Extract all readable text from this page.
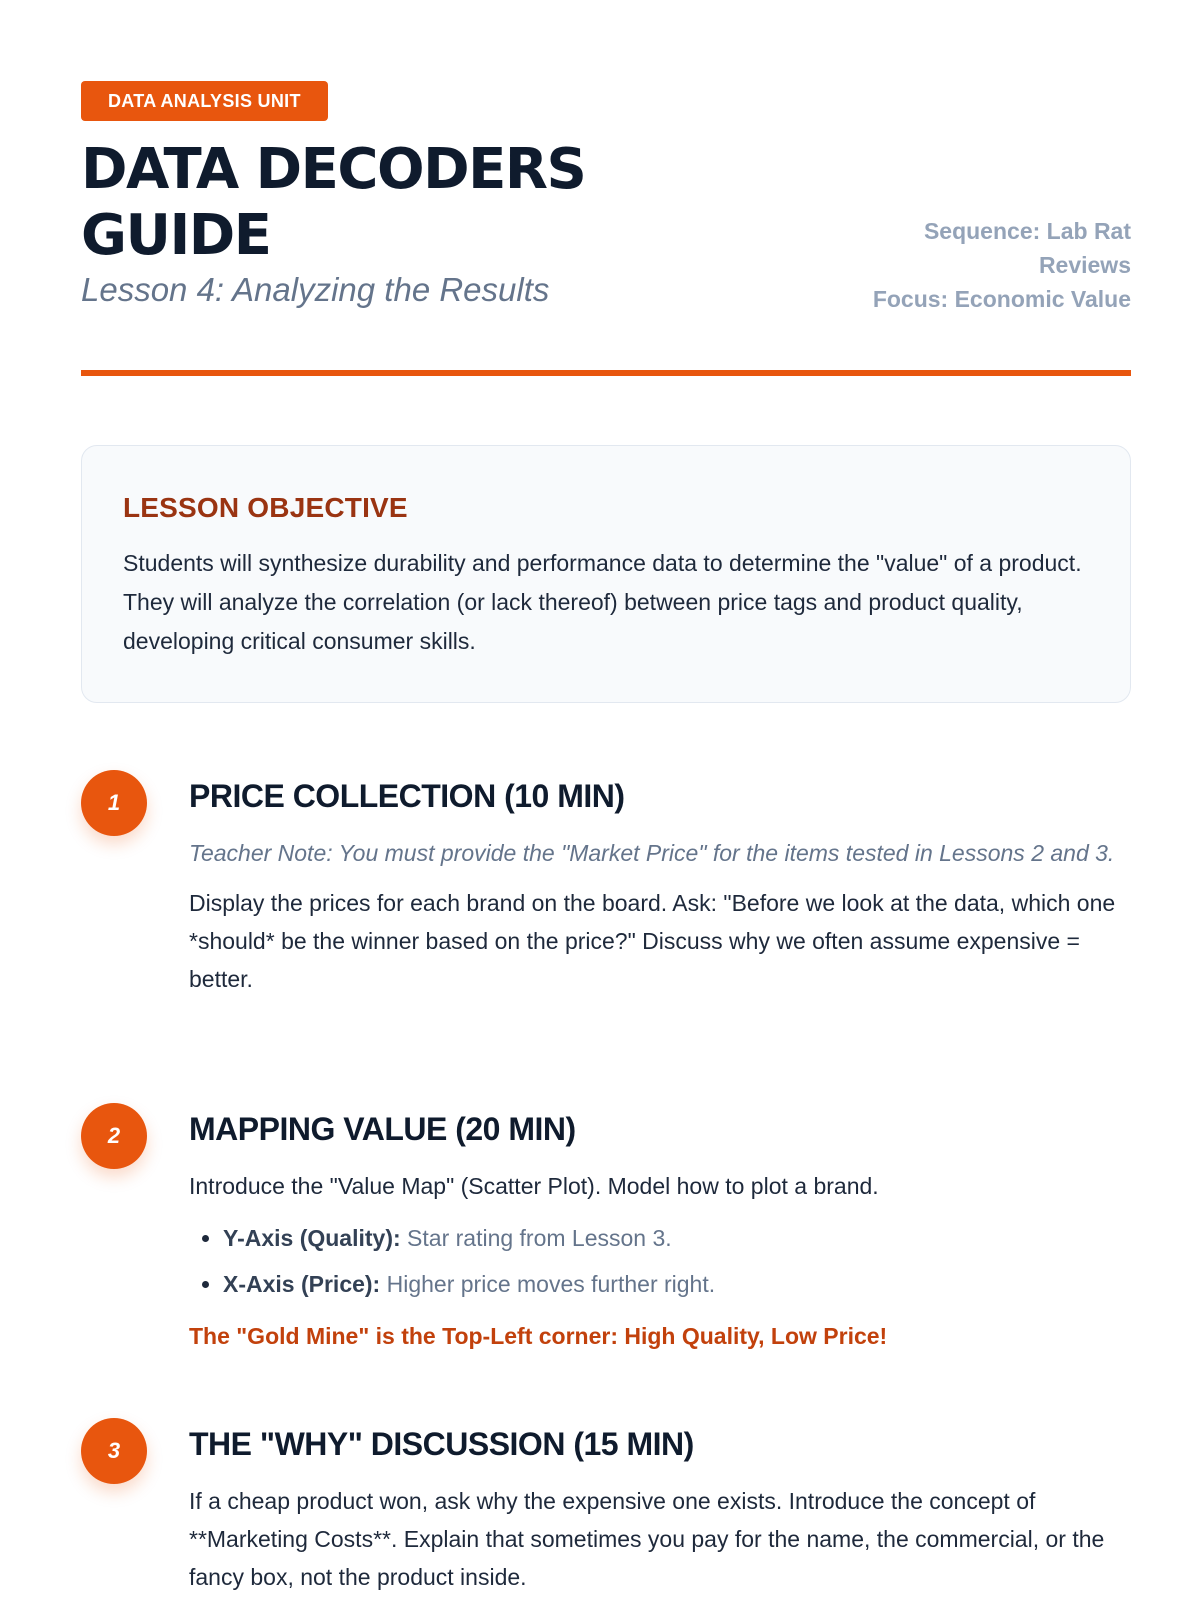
DATA ANALYSIS UNIT
DATA DECODERS
GUIDE
Lesson 4: Analyzing the Results
Sequence: Lab Rat
Reviews
Focus: Economic Value
LESSON OBJECTIVE

Students will synthesize durability and performance data to determine the "value" of a product. They will analyze the correlation (or lack thereof) between price tags and product quality, developing critical consumer skills.

1	PRICE COLLECTION (10 MIN)

Teacher Note: You must provide the "Market Price" for the items tested in Lessons 2 and 3.

Display the prices for each brand on the board. Ask: "Before we look at the data, which one *should* be the winner based on the price?" Discuss why we often assume expensive = better.

2	MAPPING VALUE (20 MIN)

Introduce the "Value Map" (Scatter Plot). Model how to plot a brand.

• Y-Axis (Quality): Star rating from Lesson 3.
• X-Axis (Price): Higher price moves further right.

The "Gold Mine" is the Top-Left corner: High Quality, Low Price!

3	THE "WHY" DISCUSSION (15 MIN)

If a cheap product won, ask why the expensive one exists. Introduce the concept of **Marketing Costs**. Explain that sometimes you pay for the name, the commercial, or the fancy box, not the product inside.
